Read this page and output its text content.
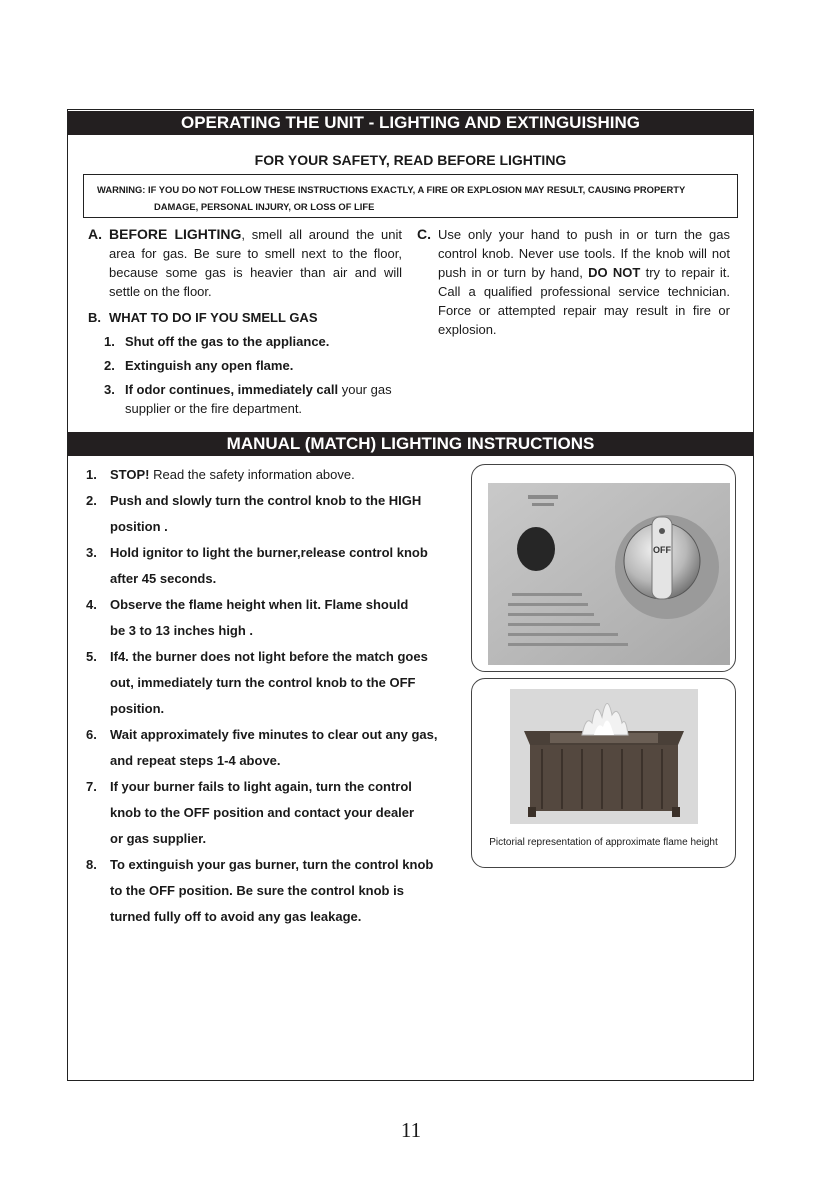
OPERATING THE UNIT - LIGHTING AND EXTINGUISHING
FOR YOUR SAFETY, READ BEFORE LIGHTING
WARNING: IF YOU DO NOT FOLLOW THESE INSTRUCTIONS EXACTLY, A FIRE OR EXPLOSION MAY RESULT, CAUSING PROPERTY
DAMAGE, PERSONAL INJURY, OR LOSS OF LIFE
A. BEFORE LIGHTING, smell all around the unit area for gas. Be sure to smell next to the floor, because some gas is heavier than air and will settle on the floor.
B. WHAT TO DO IF YOU SMELL GAS
1. Shut off the gas to the appliance.
2. Extinguish any open flame.
3. If odor continues, immediately call your gas supplier or the fire department.
C. Use only your hand to push in or turn the gas control knob. Never use tools. If the knob will not push in or turn by hand, DO NOT try to repair it. Call a qualified professional service technician. Force or attempted repair may result in fire or explosion.
MANUAL (MATCH) LIGHTING INSTRUCTIONS
1.	STOP! Read the safety information above.
2.	Push and slowly turn the control knob to the HIGH
position .
3.	Hold ignitor to light the burner,release control knob
after 45 seconds.
4.	Observe the flame height when lit. Flame should
be 3 to 13 inches high .
5.	If4. the burner does not light before the match goes
out, immediately turn the control knob to the OFF
position.
6.	Wait approximately five minutes to clear out any gas,
and repeat steps 1-4 above.
7.	If your burner fails to light again, turn the control
knob to the OFF position and contact your dealer
or gas supplier.
8.	To extinguish your gas burner, turn the control knob
to the OFF position. Be sure the control knob is
turned fully off to avoid any gas leakage.
OFF
Pictorial representation of approximate flame height
11
